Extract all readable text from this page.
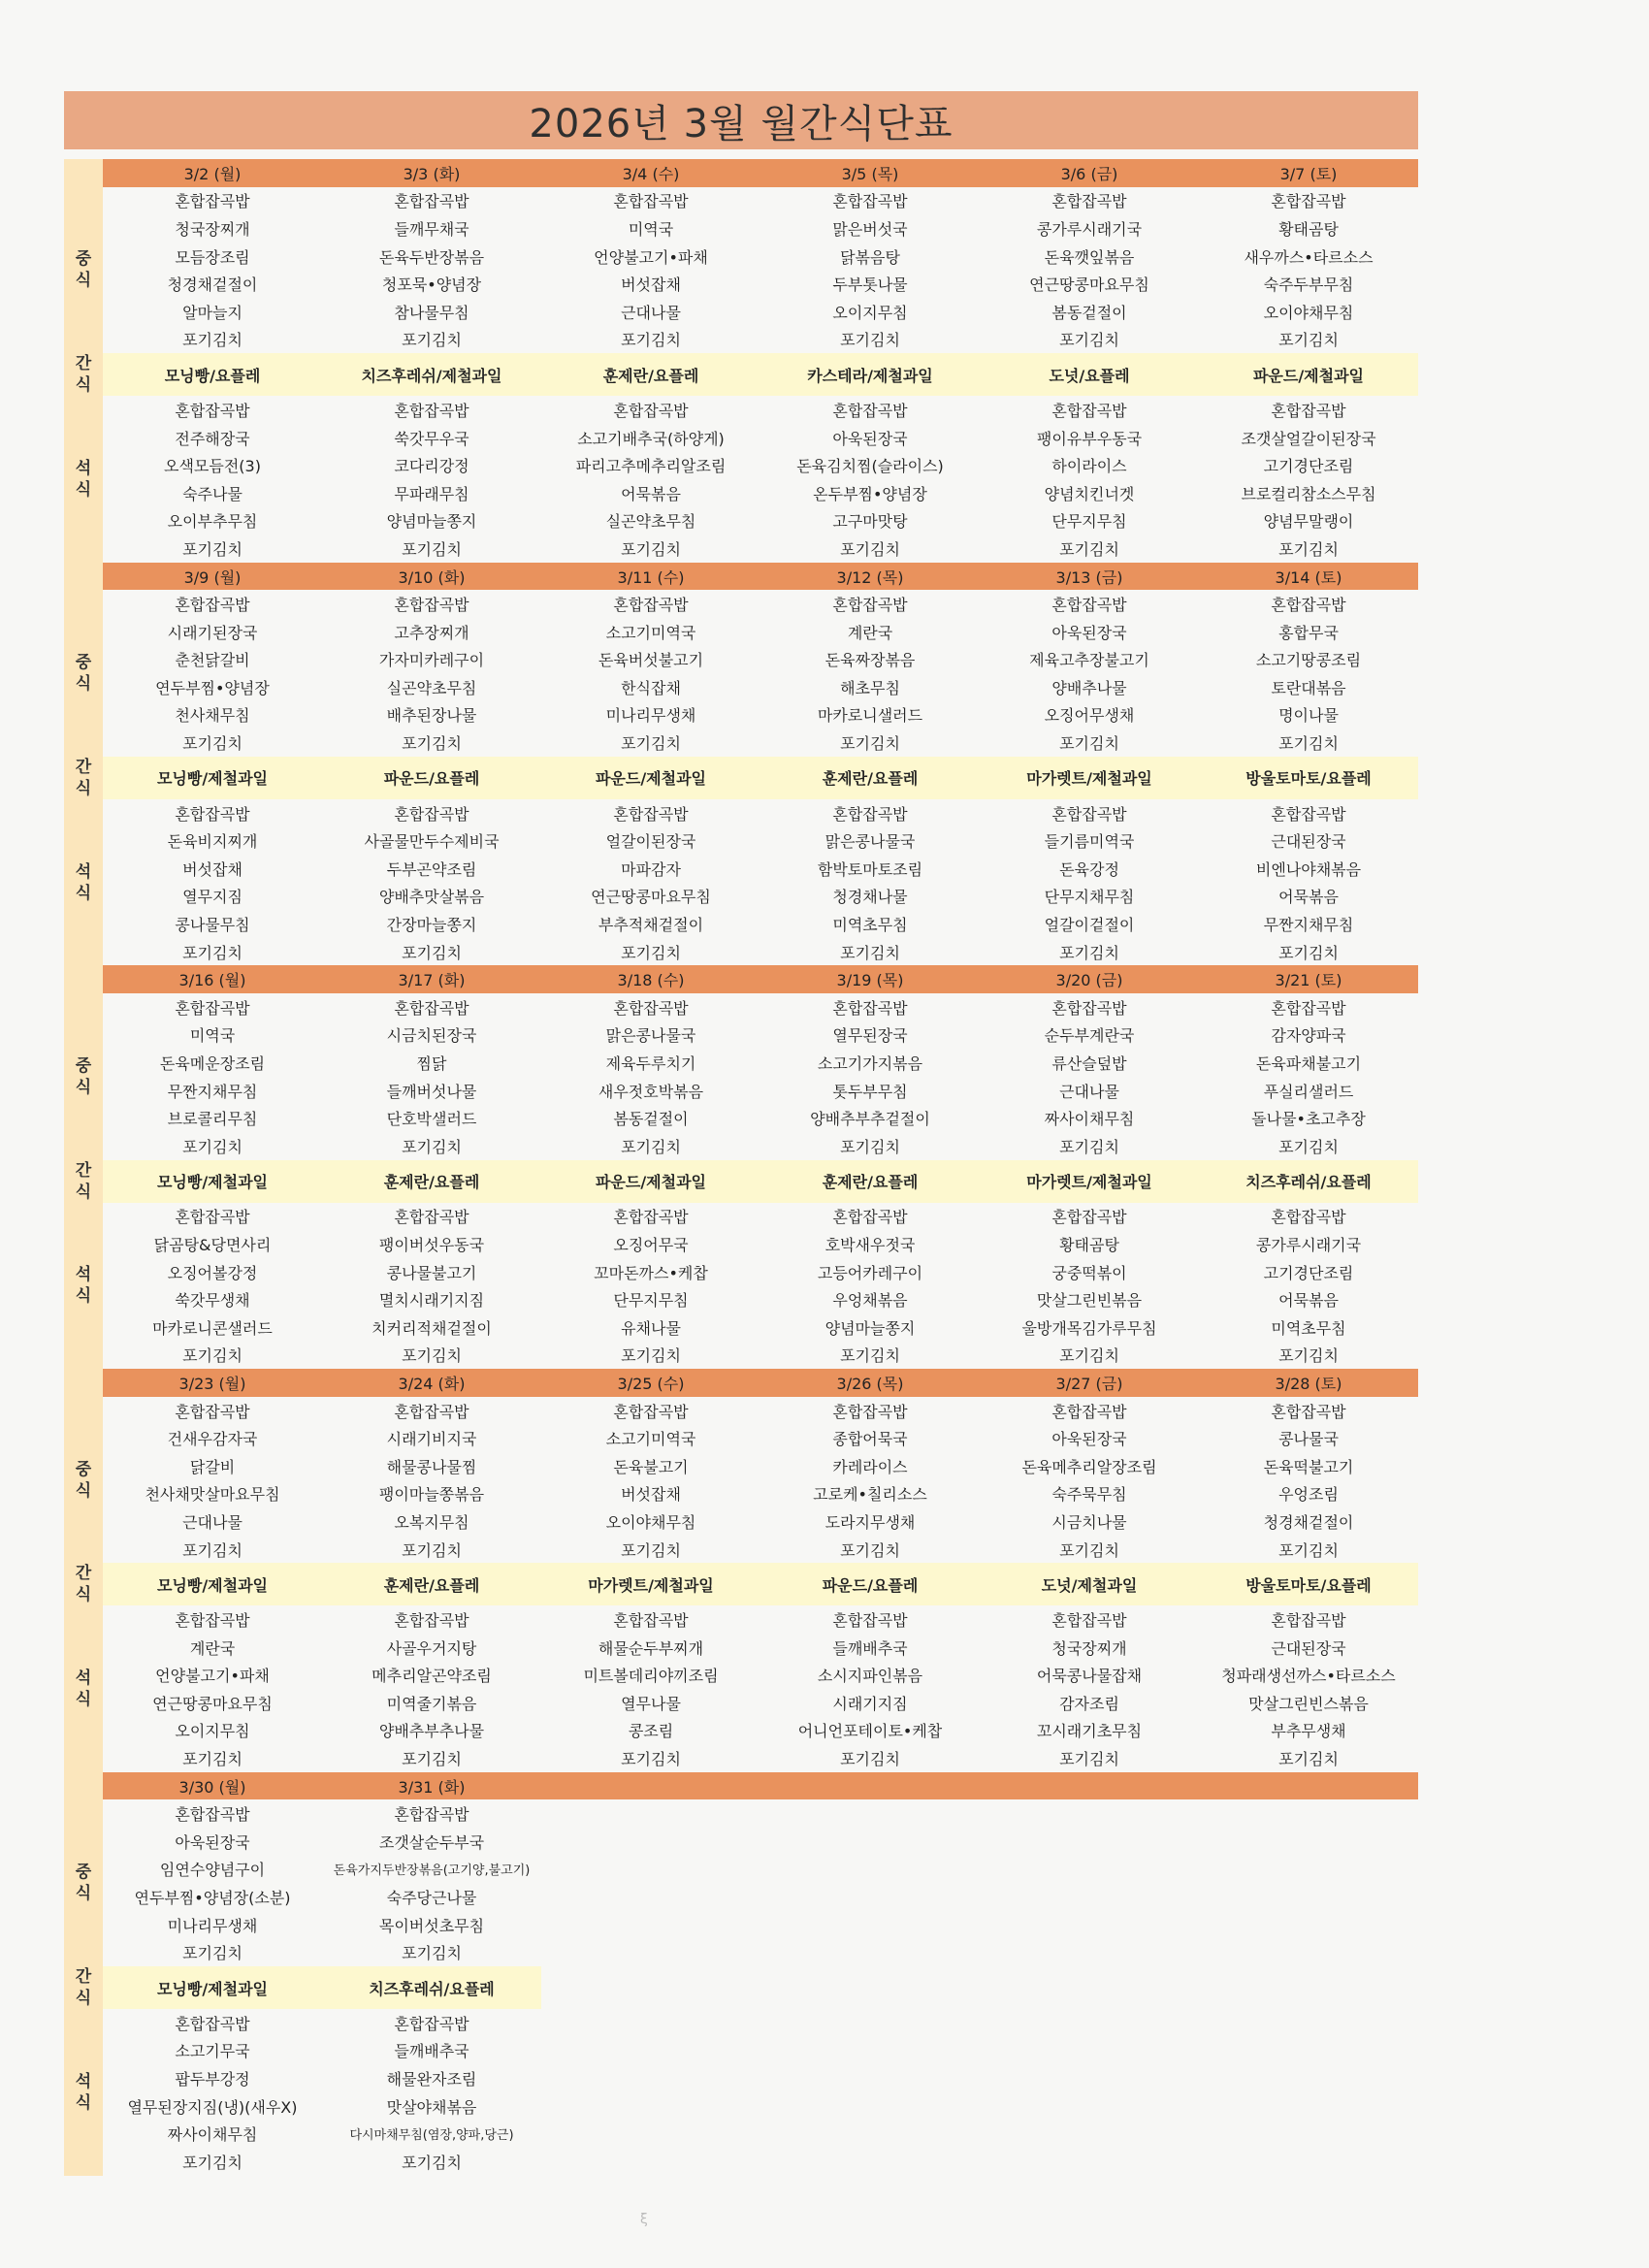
2026년 3월 월간식단표
	3/2 (월)	3/3 (화)	3/4 (수)	3/5 (목)	3/6 (금)	3/7 (토)

중
식	혼합잡곡밥	혼합잡곡밥	혼합잡곡밥	혼합잡곡밥	혼합잡곡밥	혼합잡곡밥
	청국장찌개	들깨무채국	미역국	맑은버섯국	콩가루시래기국	황태곰탕
	모듬장조림	돈육두반장볶음	언양불고기•파채	닭볶음탕	돈육깻잎볶음	새우까스•타르소스
	청경채겉절이	청포묵•양념장	버섯잡채	두부톳나물	연근땅콩마요무침	숙주두부무침
	알마늘지	참나물무침	근대나물	오이지무침	봄동겉절이	오이야채무침
	포기김치	포기김치	포기김치	포기김치	포기김치	포기김치

간
식	모닝빵/요플레	치즈후레쉬/제철과일	훈제란/요플레	카스테라/제철과일	도넛/요플레	파운드/제철과일

석
식	혼합잡곡밥	혼합잡곡밥	혼합잡곡밥	혼합잡곡밥	혼합잡곡밥	혼합잡곡밥
	전주해장국	쑥갓무우국	소고기배추국(하양게)	아욱된장국	팽이유부우동국	조갯살얼갈이된장국
	오색모듬전(3)	코다리강정	파리고추메추리알조림	돈육김치찜(슬라이스)	하이라이스	고기경단조림
	숙주나물	무파래무침	어묵볶음	온두부찜•양념장	양념치킨너겟	브로컬리참소스무침
	오이부추무침	양념마늘쫑지	실곤약초무침	고구마맛탕	단무지무침	양념무말랭이
	포기김치	포기김치	포기김치	포기김치	포기김치	포기김치
	3/9 (월)	3/10 (화)	3/11 (수)	3/12 (목)	3/13 (금)	3/14 (토)

중
식	혼합잡곡밥	혼합잡곡밥	혼합잡곡밥	혼합잡곡밥	혼합잡곡밥	혼합잡곡밥
	시래기된장국	고추장찌개	소고기미역국	계란국	아욱된장국	홍합무국
	춘천닭갈비	가자미카레구이	돈육버섯불고기	돈육짜장볶음	제육고추장불고기	소고기땅콩조림
	연두부찜•양념장	실곤약초무침	한식잡채	해초무침	양배추나물	토란대볶음
	천사채무침	배추된장나물	미나리무생채	마카로니샐러드	오징어무생채	명이나물
	포기김치	포기김치	포기김치	포기김치	포기김치	포기김치

간
식	모닝빵/제철과일	파운드/요플레	파운드/제철과일	훈제란/요플레	마가렛트/제철과일	방울토마토/요플레

석
식	혼합잡곡밥	혼합잡곡밥	혼합잡곡밥	혼합잡곡밥	혼합잡곡밥	혼합잡곡밥
	돈육비지찌개	사골물만두수제비국	얼갈이된장국	맑은콩나물국	들기름미역국	근대된장국
	버섯잡채	두부곤약조림	마파감자	함박토마토조림	돈육강정	비엔나야채볶음
	열무지짐	양배추맛살볶음	연근땅콩마요무침	청경채나물	단무지채무침	어묵볶음
	콩나물무침	간장마늘쫑지	부추적채겉절이	미역초무침	얼갈이겉절이	무짠지채무침
	포기김치	포기김치	포기김치	포기김치	포기김치	포기김치
	3/16 (월)	3/17 (화)	3/18 (수)	3/19 (목)	3/20 (금)	3/21 (토)

중
식	혼합잡곡밥	혼합잡곡밥	혼합잡곡밥	혼합잡곡밥	혼합잡곡밥	혼합잡곡밥
	미역국	시금치된장국	맑은콩나물국	열무된장국	순두부계란국	감자양파국
	돈육메운장조림	찜닭	제육두루치기	소고기가지볶음	류산슬덮밥	돈육파채불고기
	무짠지채무침	들깨버섯나물	새우젓호박볶음	톳두부무침	근대나물	푸실리샐러드
	브로콜리무침	단호박샐러드	봄동겉절이	양배추부추겉절이	짜사이채무침	돌나물•초고추장
	포기김치	포기김치	포기김치	포기김치	포기김치	포기김치

간
식	모닝빵/제철과일	훈제란/요플레	파운드/제철과일	훈제란/요플레	마가렛트/제철과일	치즈후레쉬/요플레

석
식	혼합잡곡밥	혼합잡곡밥	혼합잡곡밥	혼합잡곡밥	혼합잡곡밥	혼합잡곡밥
	닭곰탕&당면사리	팽이버섯우동국	오징어무국	호박새우젓국	황태곰탕	콩가루시래기국
	오징어볼강정	콩나물불고기	꼬마돈까스•케찹	고등어카레구이	궁중떡볶이	고기경단조림
	쑥갓무생채	멸치시래기지짐	단무지무침	우엉채볶음	맛살그린빈볶음	어묵볶음
	마카로니콘샐러드	치커리적채겉절이	유채나물	양념마늘쫑지	울방개목김가루무침	미역초무침
	포기김치	포기김치	포기김치	포기김치	포기김치	포기김치
	3/23 (월)	3/24 (화)	3/25 (수)	3/26 (목)	3/27 (금)	3/28 (토)

중
식	혼합잡곡밥	혼합잡곡밥	혼합잡곡밥	혼합잡곡밥	혼합잡곡밥	혼합잡곡밥
	건새우감자국	시래기비지국	소고기미역국	종합어묵국	아욱된장국	콩나물국
	닭갈비	해물콩나물찜	돈육불고기	카레라이스	돈육메추리알장조림	돈육떡불고기
	천사채맛살마요무침	팽이마늘쫑볶음	버섯잡채	고로케•칠리소스	숙주묵무침	우엉조림
	근대나물	오복지무침	오이야채무침	도라지무생채	시금치나물	청경채겉절이
	포기김치	포기김치	포기김치	포기김치	포기김치	포기김치

간
식	모닝빵/제철과일	훈제란/요플레	마가렛트/제철과일	파운드/요플레	도넛/제철과일	방울토마토/요플레

석
식	혼합잡곡밥	혼합잡곡밥	혼합잡곡밥	혼합잡곡밥	혼합잡곡밥	혼합잡곡밥
	계란국	사골우거지탕	해물순두부찌개	들깨배추국	청국장찌개	근대된장국
	언양불고기•파채	메추리알곤약조림	미트볼데리야끼조림	소시지파인볶음	어묵콩나물잡채	청파래생선까스•타르소스
	연근땅콩마요무침	미역줄기볶음	열무나물	시래기지짐	감자조림	맛살그린빈스볶음
	오이지무침	양배추부추나물	콩조림	어니언포테이토•케찹	꼬시래기초무침	부추무생채
	포기김치	포기김치	포기김치	포기김치	포기김치	포기김치
	3/30 (월)	3/31 (화)				

중
식	혼합잡곡밥	혼합잡곡밥				
	아욱된장국	조갯살순두부국				
	임연수양념구이	돈육가지두반장볶음(고기양,불고기)				
	연두부찜•양념장(소분)	숙주당근나물				
	미나리무생채	목이버섯초무침				
	포기김치	포기김치				

간
식	모닝빵/제철과일	치즈후레쉬/요플레				

석
식	혼합잡곡밥	혼합잡곡밥				
	소고기무국	들깨배추국				
	팝두부강정	해물완자조림				
	열무된장지짐(냉)(새우X)	맛살야채볶음				
	짜사이채무침	다시마채무침(염장,양파,당근)				
	포기김치	포기김치				
ξ
